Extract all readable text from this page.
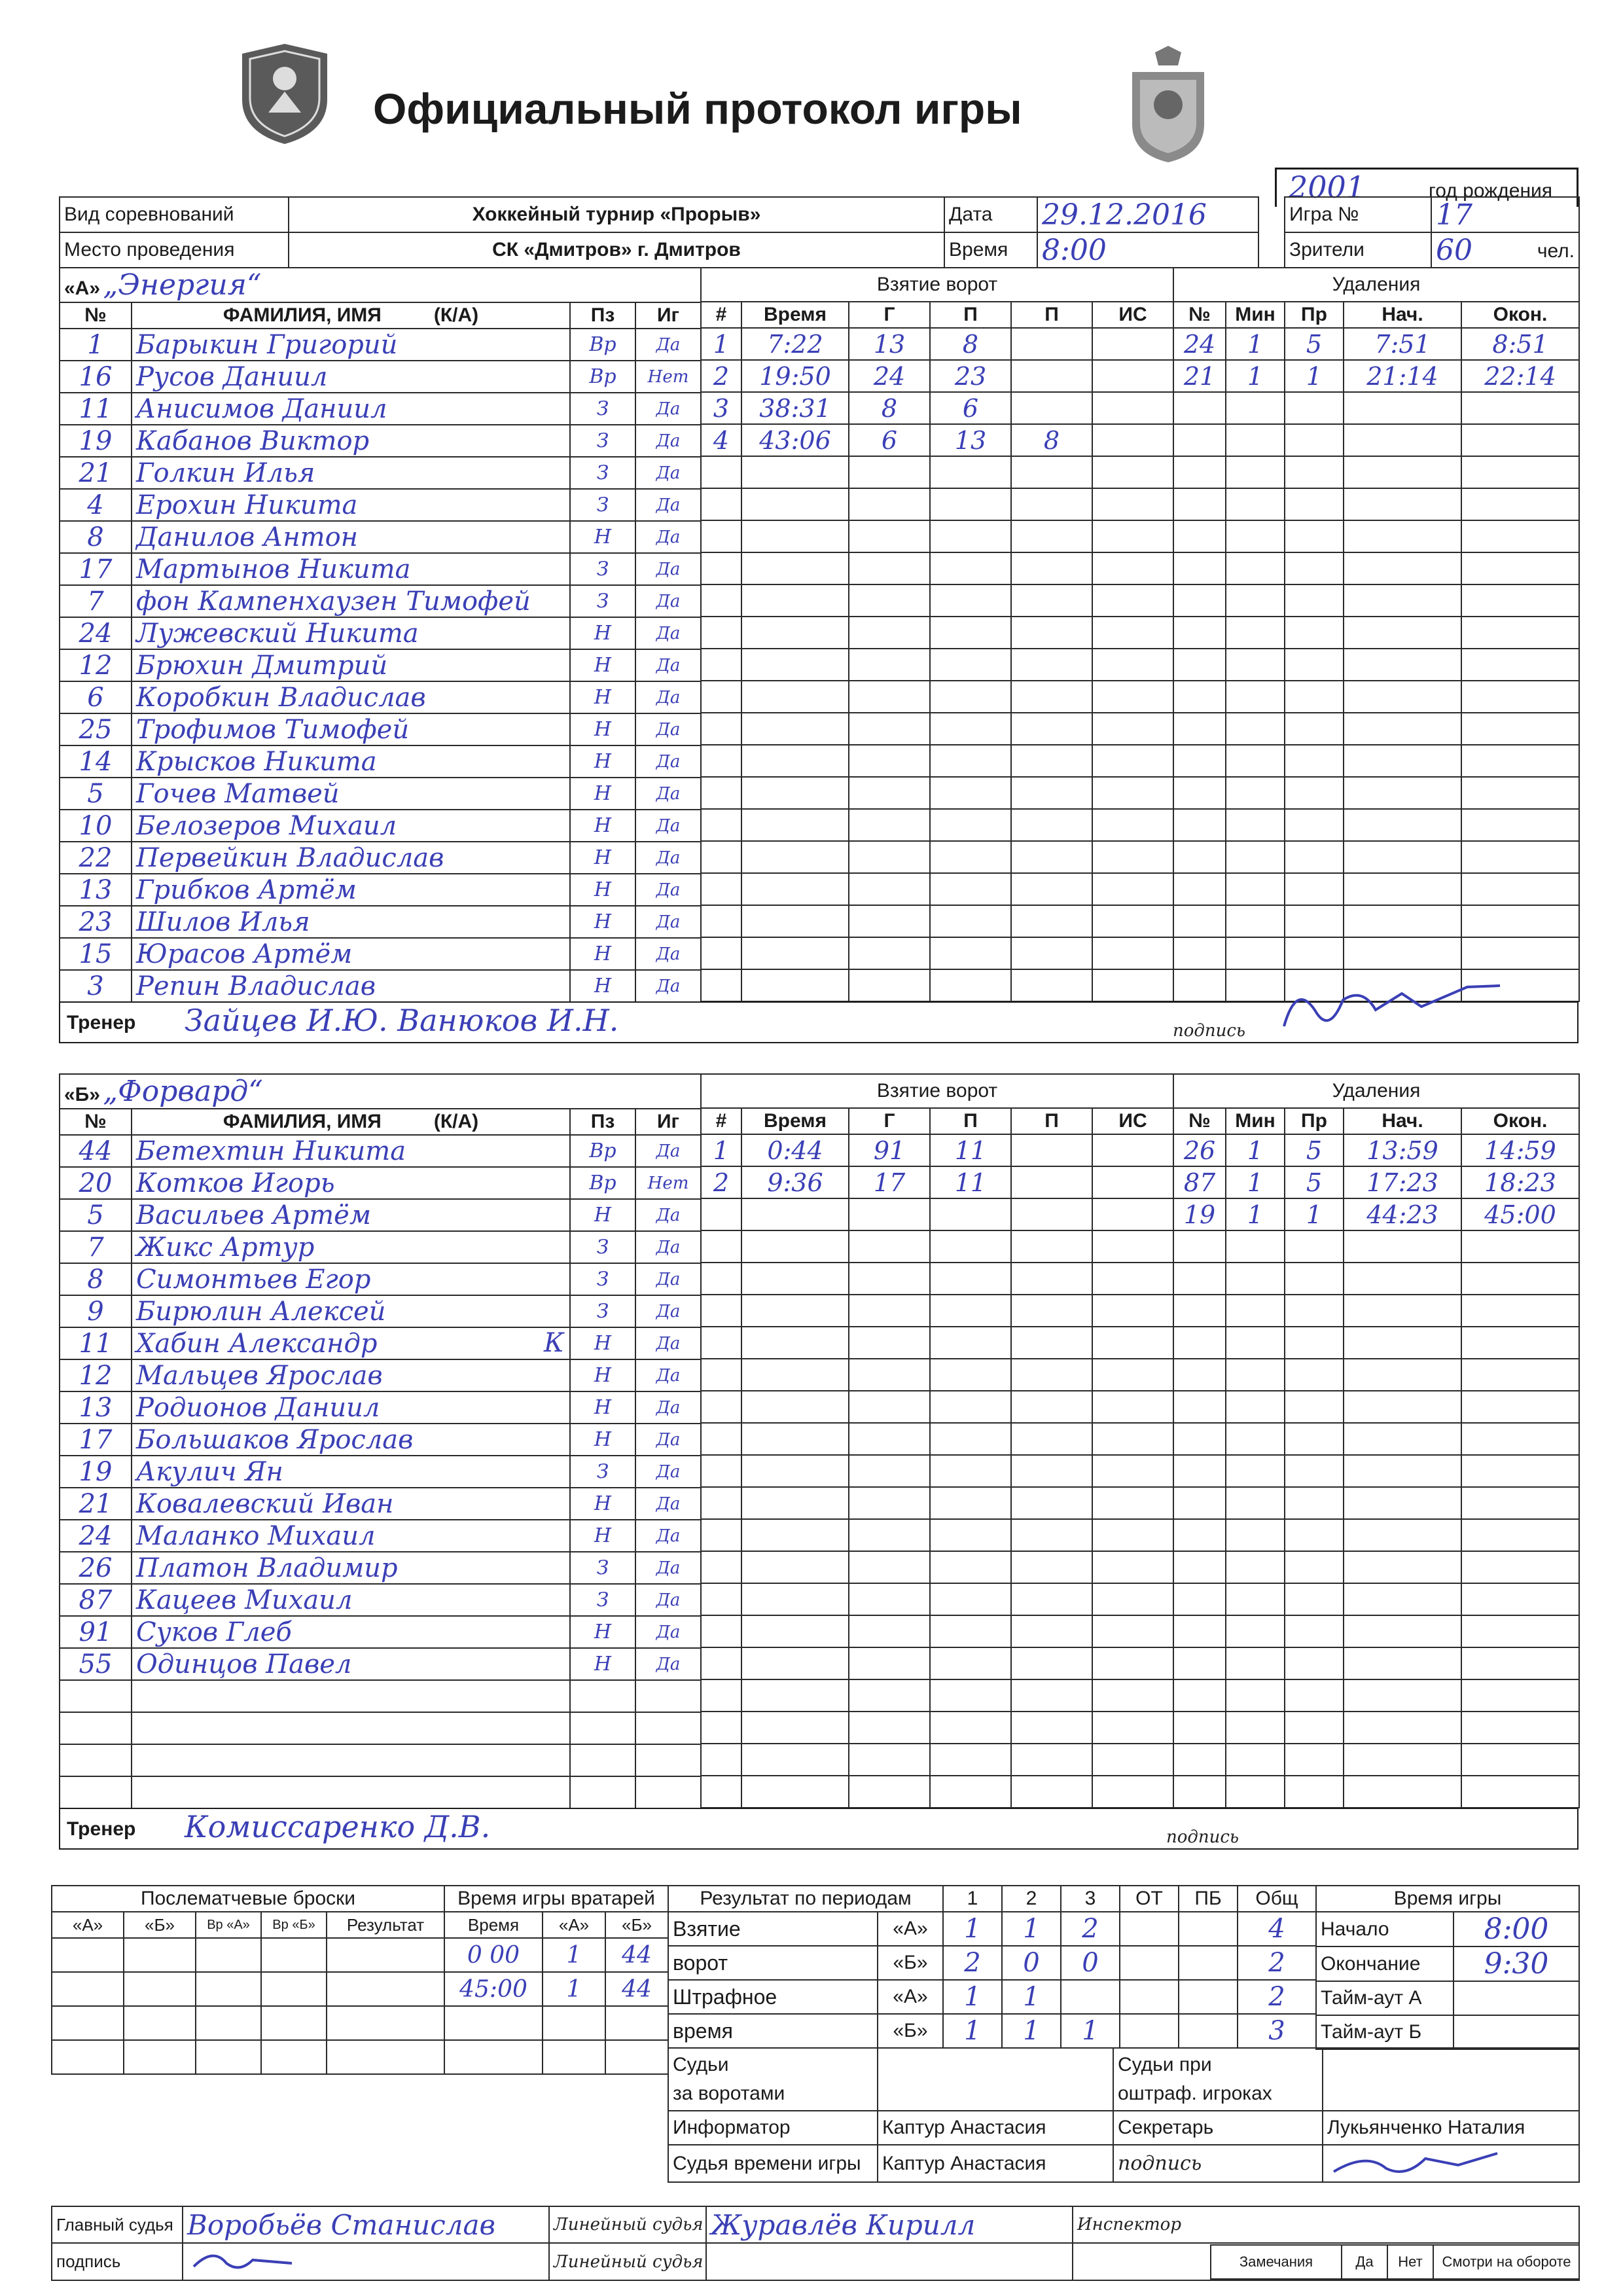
Официальный протокол игры
2001	год рождения
Вид соревнований	Хоккейный турнир «Прорыв»	Дата	29.12.2016		Игра №	17
Место проведения	СК «Дмитров» г. Дмитров	Время	8:00		Зрители	60 чел.
«А» „Энергия“			
№	ФАМИЛИЯ, ИМЯ (К/А)	Пз	Иг
1	Барыкин Григорий	Вр	Да
16	Русов Даниил	Вр	Нет
11	Анисимов Даниил	З	Да
19	Кабанов Виктор	З	Да
21	Голкин Илья	З	Да
4	Ерохин Никита	З	Да
8	Данилов Антон	Н	Да
17	Мартынов Никита	З	Да
7	фон Кампенхаузен Тимофей	З	Да
24	Лужевский Никита	Н	Да
12	Брюхин Дмитрий	Н	Да
6	Коробкин Владислав	Н	Да
25	Трофимов Тимофей	Н	Да
14	Крысков Никита	Н	Да
5	Гочев Матвей	Н	Да
10	Белозеров Михаил	Н	Да
22	Первейкин Владислав	Н	Да
13	Грибков Артём	Н	Да
23	Шилов Илья	Н	Да
15	Юрасов Артём	Н	Да
3	Репин Владислав	Н	Да
Взятие ворот					
#	Время	Г	П	П	ИС
1	7:22	13	8		
2	19:50	24	23		
3	38:31	8	6		
4	43:06	6	13	8	

Удаления				
№	Мин	Пр	Нач.	Окон.
24	1	5	7:51	8:51
21	1	1	21:14	22:14

Тренер Зайцев И.Ю. Ванюков И.Н.	подпись
«Б» „Форвард“			
№	ФАМИЛИЯ, ИМЯ (К/А)	Пз	Иг
44	Бетехтин Никита	Вр	Да
20	Котков Игорь	Вр	Нет
5	Васильев Артём	Н	Да
7	Жикс Артур	З	Да
8	Симонтьев Егор	З	Да
9	Бирюлин Алексей	З	Да
11	Хабин Александр К	Н	Да
12	Мальцев Ярослав	Н	Да
13	Родионов Даниил	Н	Да
17	Большаков Ярослав	Н	Да
19	Акулич Ян	З	Да
21	Ковалевский Иван	Н	Да
24	Маланко Михаил	Н	Да
26	Платон Владимир	З	Да
87	Кацеев Михаил	З	Да
91	Суков Глеб	Н	Да
55	Одинцов Павел	Н	Да

Взятие ворот					
#	Время	Г	П	П	ИС
1	0:44	91	11		
2	9:36	17	11		

Удаления				
№	Мин	Пр	Нач.	Окон.
26	1	5	13:59	14:59
87	1	5	17:23	18:23
19	1	1	44:23	45:00

Тренер Комиссаренко Д.В.	подпись
Послематчевые броски				
«А»	«Б»	Вр «А»	Вр «Б»	Результат

Время игры вратарей		
Время	«А»	«Б»
0 00	1	44
45:00	1	44

Результат по периодам		1	2	3	ОТ	ПБ	Общ
Взятие	«А»	1	1	2			4
ворот	«Б»	2	0	0			2
Штрафное	«А»	1	1				2
время	«Б»	1	1	1			3
Время игры	
Начало	8:00
Окончание	9:30
Тайм-аут А	
Тайм-аут Б	
Судьи
за воротами		Судьи при
оштраф. игроках	
Информатор	Каптур Анастасия	Секретарь	Лукьянченко Наталия
Судья времени игры	Каптур Анастасия	подпись	
Главный судья	Воробьёв Станислав	Линейный судья	Журавлёв Кирилл	Инспектор
подпись		Линейный судья		
		Замечания	Да	Нет	Смотри на обороте
